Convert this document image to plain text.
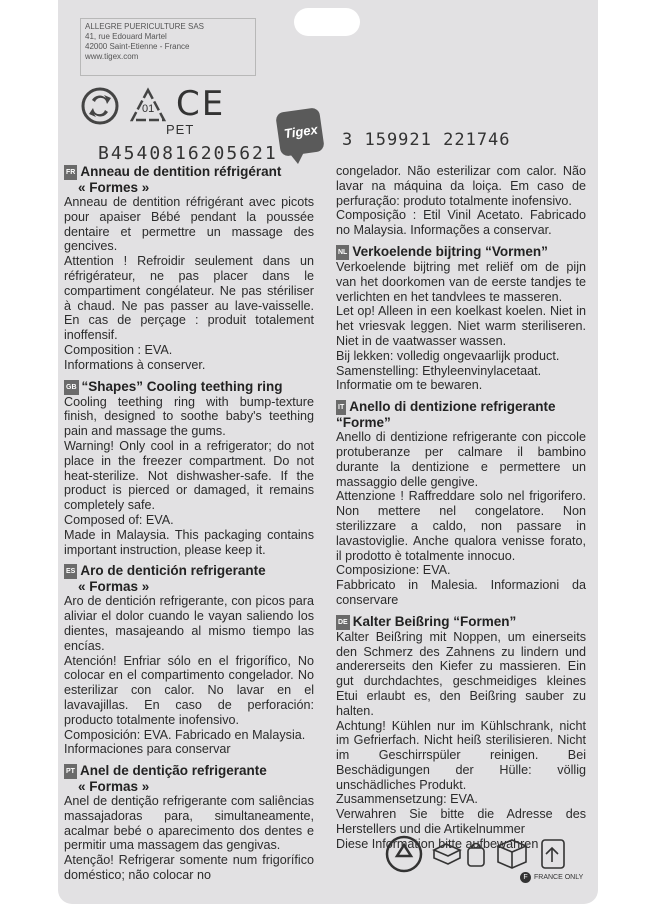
ALLEGRE PUERICULTURE SAS
41, rue Edouard Martel
42000 Saint-Etienne - France
www.tigex.com
01
PET
CE
B4540816205621
Tigex 3 159921 221746
FR Anneau de dentition réfrigérant
« Formes »
Anneau de dentition réfrigérant avec picots pour apaiser Bébé pendant la poussée dentaire et permettre un massage des gencives.
Attention ! Refroidir seulement dans un réfrigérateur, ne pas placer dans le compartiment congélateur. Ne pas stériliser à chaud. Ne pas passer au lave-vaisselle. En cas de perçage : produit totalement inoffensif.
Composition : EVA.
Informations à conserver.
GB “Shapes” Cooling teething ring
Cooling teething ring with bump-texture finish, designed to soothe baby's teething pain and massage the gums.
Warning! Only cool in a refrigerator; do not place in the freezer compartment. Do not heat-sterilize. Not dishwasher-safe. If the product is pierced or damaged, it remains completely safe.
Composed of: EVA.
Made in Malaysia. This packaging contains important instruction, please keep it.
ES Aro de dentición refrigerante
« Formas »
Aro de dentición refrigerante, con picos para aliviar el dolor cuando le vayan saliendo los dientes, masajeando al mismo tiempo las encías.
Atención! Enfriar sólo en el frigorífico, No colocar en el compartimento congelador. No esterilizar con calor. No lavar en el lavavajillas. En caso de perforación: producto totalmente inofensivo.
Composición: EVA. Fabricado en Malaysia.
Informaciones para conservar
PT Anel de dentição refrigerante
« Formas »
Anel de dentição refrigerante com saliências massajadoras para, simultaneamente, acalmar bebé o aparecimento dos dentes e permitir uma massagem das gengivas.
Atenção! Refrigerar somente num frigorífico doméstico; não colocar no
congelador. Não esterilizar com calor. Não lavar na máquina da loiça. Em caso de perfuração: produto totalmente inofensivo.
Composição : Etil Vinil Acetato. Fabricado no Malaysia. Informações a conservar.
NL Verkoelende bijtring “Vormen”
Verkoelende bijtring met reliëf om de pijn van het doorkomen van de eerste tandjes te verlichten en het tandvlees te masseren.
Let op! Alleen in een koelkast koelen. Niet in het vriesvak leggen. Niet warm steriliseren. Niet in de vaatwasser wassen.
Bij lekken: volledig ongevaarlijk product.
Samenstelling: Ethyleenvinylacetaat.
Informatie om te bewaren.
IT Anello di dentizione refrigerante “Forme”
Anello di dentizione refrigerante con piccole protuberanze per calmare il bambino durante la dentizione e permettere un massaggio delle gengive.
Attenzione ! Raffreddare solo nel frigorifero. Non mettere nel congelatore. Non sterilizzare a caldo, non passare in lavastoviglie. Anche qualora venisse forato, il prodotto è totalmente innocuo.
Composizione: EVA.
Fabbricato in Malesia. Informazioni da conservare
DE Kalter Beißring “Formen”
Kalter Beißring mit Noppen, um einerseits den Schmerz des Zahnens zu lindern und andererseits den Kiefer zu massieren. Ein gut durchdachtes, geschmeidiges kleines Etui erlaubt es, den Beißring sauber zu halten.
Achtung! Kühlen nur im Kühlschrank, nicht im Gefrierfach. Nicht heiß sterilisieren. Nicht im Geschirrspüler reinigen. Bei Beschädigungen der Hülle: völlig unschädliches Produkt.
Zusammensetzung: EVA.
Verwahren Sie bitte die Adresse des Herstellers und die Artikelnummer
Diese Information bitte aufbewahren
F FRANCE ONLY
